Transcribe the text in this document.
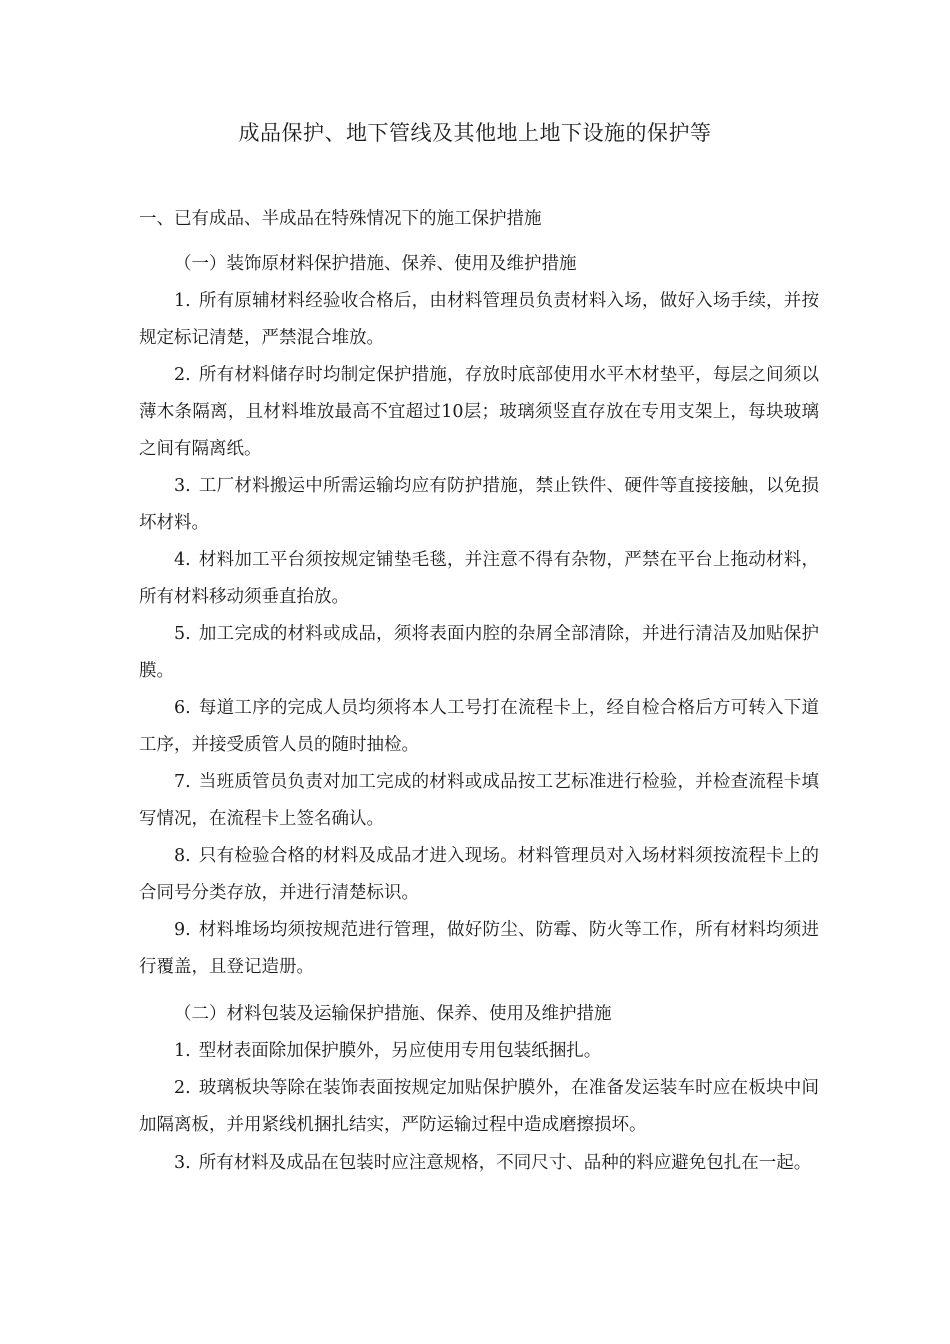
成品保护、地下管线及其他地上地下设施的保护等

一、已有成品、半成品在特殊情况下的施工保护措施

（一）装饰原材料保护措施、保养、使用及维护措施

1. 所有原辅材料经验收合格后，由材料管理员负责材料入场，做好入场手续，并按规定标记清楚，严禁混合堆放。

2. 所有材料储存时均制定保护措施，存放时底部使用水平木材垫平，每层之间须以薄木条隔离，且材料堆放最高不宜超过10层；玻璃须竖直存放在专用支架上，每块玻璃之间有隔离纸。

3. 工厂材料搬运中所需运输均应有防护措施，禁止铁件、硬件等直接接触，以免损坏材料。

4. 材料加工平台须按规定铺垫毛毯，并注意不得有杂物，严禁在平台上拖动材料，所有材料移动须垂直抬放。

5. 加工完成的材料或成品，须将表面内腔的杂屑全部清除，并进行清洁及加贴保护膜。

6. 每道工序的完成人员均须将本人工号打在流程卡上，经自检合格后方可转入下道工序，并接受质管人员的随时抽检。

7. 当班质管员负责对加工完成的材料或成品按工艺标准进行检验，并检查流程卡填写情况，在流程卡上签名确认。

8. 只有检验合格的材料及成品才进入现场。材料管理员对入场材料须按流程卡上的合同号分类存放，并进行清楚标识。

9. 材料堆场均须按规范进行管理，做好防尘、防霉、防火等工作，所有材料均须进行覆盖，且登记造册。

（二）材料包装及运输保护措施、保养、使用及维护措施

1. 型材表面除加保护膜外，另应使用专用包装纸捆扎。

2. 玻璃板块等除在装饰表面按规定加贴保护膜外，在准备发运装车时应在板块中间加隔离板，并用紧线机捆扎结实，严防运输过程中造成磨擦损坏。

3. 所有材料及成品在包装时应注意规格，不同尺寸、品种的料应避免包扎在一起。
